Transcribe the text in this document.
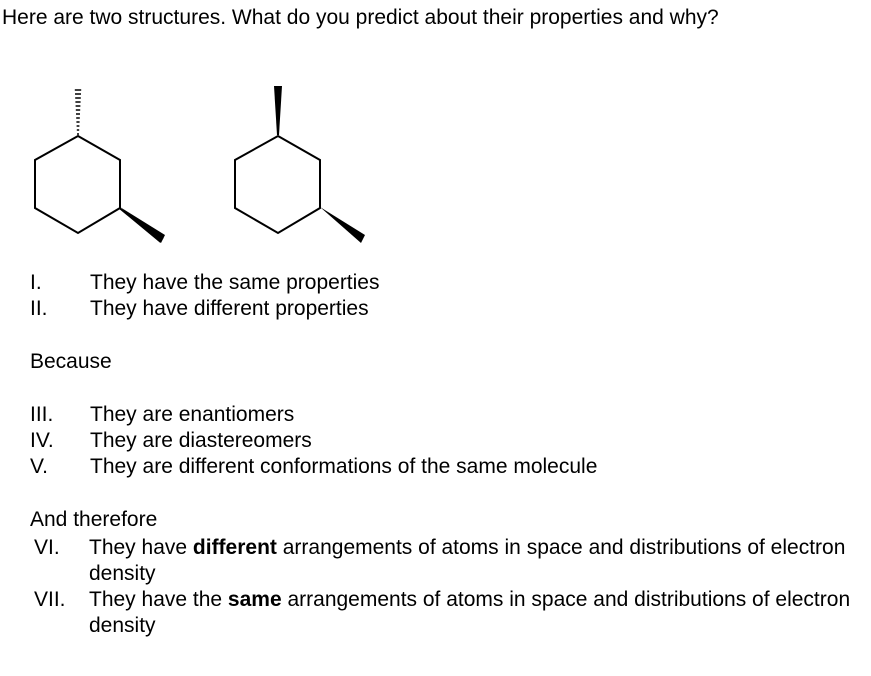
Here are two structures. What do you predict about their properties and why?
I. They have the same properties
II. They have different properties
Because
III. They are enantiomers
IV. They are diastereomers
V. They are different conformations of the same molecule
And therefore
VI. They have different arrangements of atoms in space and distributions of electron density
VII. They have the same arrangements of atoms in space and distributions of electron density
